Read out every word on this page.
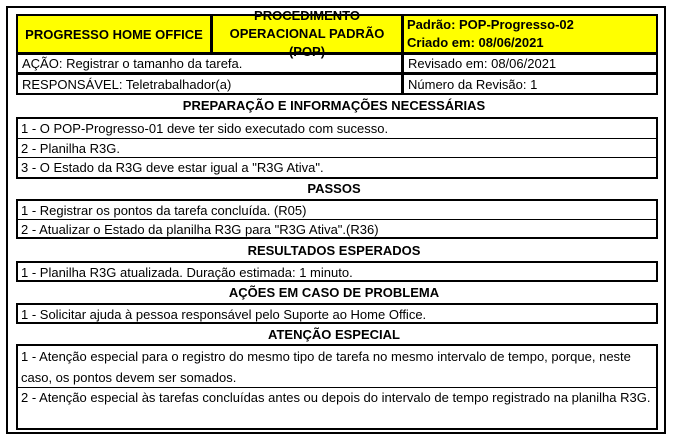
PROGRESSO HOME OFFICE
PROCEDIMENTO
OPERACIONAL PADRÃO (POP)
Padrão: POP-Progresso-02
Criado em: 08/06/2021
AÇÃO: Registrar o tamanho da tarefa.	Revisado em: 08/06/2021
RESPONSÁVEL: Teletrabalhador(a)	Número da Revisão: 1
PREPARAÇÃO E INFORMAÇÕES NECESSÁRIAS
1 - O POP-Progresso-01 deve ter sido executado com sucesso.
2 - Planilha R3G.
3 - O Estado da R3G deve estar igual a "R3G Ativa".
PASSOS
1 - Registrar os pontos da tarefa concluída. (R05)
2 - Atualizar o Estado da planilha R3G para "R3G Ativa".(R36)
RESULTADOS ESPERADOS
1 - Planilha R3G atualizada. Duração estimada: 1 minuto.
AÇÕES EM CASO DE PROBLEMA
1 - Solicitar ajuda à pessoa responsável pelo Suporte ao Home Office.
ATENÇÃO ESPECIAL
1 - Atenção especial para o registro do mesmo tipo de tarefa no mesmo intervalo de tempo, porque, neste caso, os pontos devem ser somados.
2 - Atenção especial às tarefas concluídas antes ou depois do intervalo de tempo registrado na planilha R3G.
